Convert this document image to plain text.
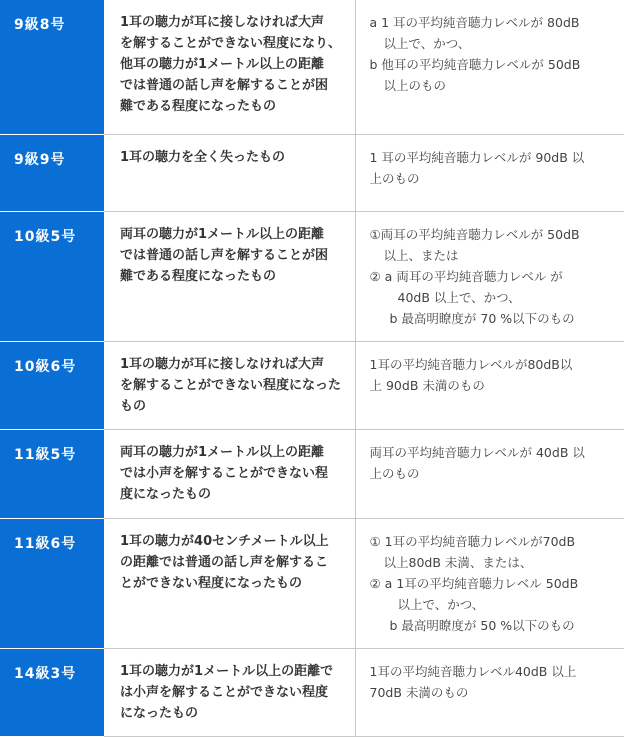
9級8号	1耳の聴力が耳に接しなければ大声
を解することができない程度になり、
他耳の聴力が1メートル以上の距離
では普通の話し声を解することが困
難である程度になったもの	a 1 耳の平均純音聴力レベルが 80dB
以上で、かつ、
b 他耳の平均純音聴力レベルが 50dB
以上のもの

9級9号	1耳の聴力を全く失ったもの	1 耳の平均純音聴力レベルが 90dB 以
上のもの

10級5号	両耳の聴力が1メートル以上の距離
では普通の話し声を解することが困
難である程度になったもの	①両耳の平均純音聴力レベルが 50dB
以上、または
② a 両耳の平均純音聴力レベル が
40dB 以上で、かつ、
b 最高明瞭度が 70 %以下のもの

10級6号	1耳の聴力が耳に接しなければ大声
を解することができない程度になった
もの	1耳の平均純音聴力レベルが80dB以
上 90dB 未満のもの

11級5号	両耳の聴力が1メートル以上の距離
では小声を解することができない程
度になったもの	両耳の平均純音聴力レベルが 40dB 以
上のもの

11級6号	1耳の聴力が40センチメートル以上
の距離では普通の話し声を解するこ
とができない程度になったもの	① 1耳の平均純音聴力レベルが70dB
以上80dB 未満、または、
② a 1耳の平均純音聴力レベル 50dB
以上で、かつ、
b 最高明瞭度が 50 %以下のもの

14級3号	1耳の聴力が1メートル以上の距離で
は小声を解することができない程度
になったもの	1耳の平均純音聴力レベル40dB 以上
70dB 未満のもの
